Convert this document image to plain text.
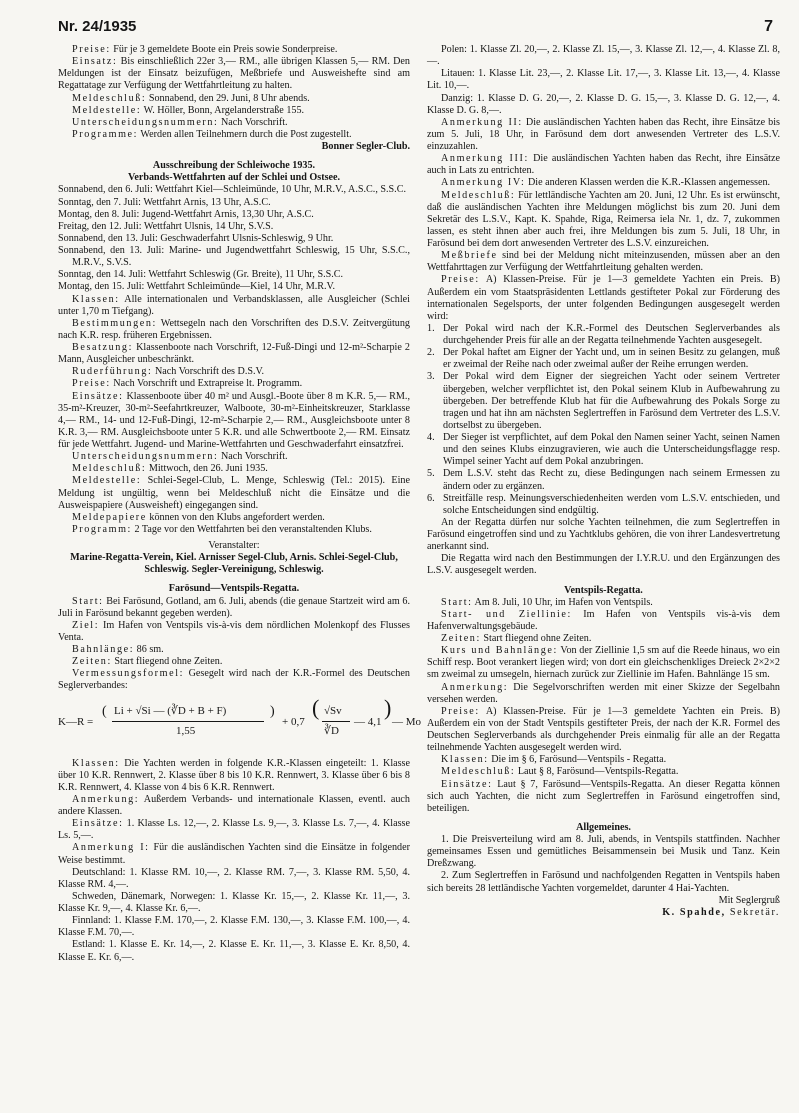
Nr. 24/1935	7

Preise: Für je 3 gemeldete Boote ein Preis sowie Sonderpreise.

Einsatz: Bis einschließlich 22er 3,— RM., alle übrigen Klassen 5,— RM. Den Meldungen ist der Einsatz beizufügen, Meßbriefe und Ausweishefte sind am Regattatage zur Verfügung der Wettfahrtleitung zu halten.

Meldeschluß: Sonnabend, den 29. Juni, 8 Uhr abends.

Meldestelle: W. Höller, Bonn, Argelanderstraße 155.

Unterscheidungsnummern: Nach Vorschrift.

Programme: Werden allen Teilnehmern durch die Post zugestellt.

Bonner Segler-Club.

Ausschreibung der Schleiwoche 1935.

Verbands-Wettfahrten auf der Schlei und Ostsee.

Sonnabend, den 6. Juli: Wettfahrt Kiel—Schleimünde, 10 Uhr, M.R.V., A.S.C., S.S.C.

Sonntag, den 7. Juli: Wettfahrt Arnis, 13 Uhr, A.S.C.

Montag, den 8. Juli: Jugend-Wettfahrt Arnis, 13,30 Uhr, A.S.C.

Freitag, den 12. Juli: Wettfahrt Ulsnis, 14 Uhr, S.V.S.

Sonnabend, den 13. Juli: Geschwaderfahrt Ulsnis-Schleswig, 9 Uhr.

Sonnabend, den 13. Juli: Marine- und Jugendwettfahrt Schleswig, 15 Uhr, S.S.C., M.R.V., S.V.S.

Sonntag, den 14. Juli: Wettfahrt Schleswig (Gr. Breite), 11 Uhr, S.S.C.

Montag, den 15. Juli: Wettfahrt Schleimünde—Kiel, 14 Uhr, M.R.V.

Klassen: Alle internationalen und Verbandsklassen, alle Ausgleicher (Schlei unter 1,70 m Tiefgang).

Bestimmungen: Wettsegeln nach den Vorschriften des D.S.V. Zeitvergütung nach K.R. resp. früheren Ergebnissen.

Besatzung: Klassenboote nach Vorschrift, 12-Fuß-Dingi und 12-m²-Scharpie 2 Mann, Ausgleicher unbeschränkt.

Ruderführung: Nach Vorschrift des D.S.V.

Preise: Nach Vorschrift und Extrapreise lt. Programm.

Einsätze: Klassenboote über 40 m² und Ausgl.-Boote über 8 m K.R. 5,— RM., 35-m²-Kreuzer, 30-m²-Seefahrtkreuzer, Walboote, 30-m²-Einheitskreuzer, Starklasse 4,— RM., 14- und 12-Fuß-Dingi, 12-m²-Scharpie 2,— RM., Ausgleichsboote unter 8 K.R. 3,— RM. Ausgleichsboote unter 5 K.R. und alle Schwertboote 2,— RM. Einsatz für jede Wettfahrt. Jugend- und Marine-Wettfahrten und Geschwaderfahrt einsatzfrei.

Unterscheidungsnummern: Nach Vorschrift.

Meldeschluß: Mittwoch, den 26. Juni 1935.

Meldestelle: Schlei-Segel-Club, L. Menge, Schleswig (Tel.: 2015). Eine Meldung ist ungültig, wenn bei Meldeschluß nicht die Einsätze und die Ausweispapiere (Ausweisheft) eingegangen sind.

Meldepapiere können von den Klubs angefordert werden.

Programm: 2 Tage vor den Wettfahrten bei den veranstaltenden Klubs.

Veranstalter:

Marine-Regatta-Verein, Kiel. Arnisser Segel-Club, Arnis. Schlei-Segel-Club, Schleswig. Segler-Vereinigung, Schleswig.

Farösund—Ventspils-Regatta.

Start: Bei Farösund, Gotland, am 6. Juli, abends (die genaue Startzeit wird am 6. Juli in Farösund bekannt gegeben werden).

Ziel: Im Hafen von Ventspils vis-à-vis dem nördlichen Molenkopf des Flusses Venta.

Bahnlänge: 86 sm.

Zeiten: Start fliegend ohne Zeiten.

Vermessungsformel: Gesegelt wird nach der K.R.-Formel des Deutschen Seglerverbandes:

K—R =
( Li + √Si — (∛D + B + F)
1,55
)
+ 0,7
( √Sv
∛D
— 4,1
)
— Mo

Klassen: Die Yachten werden in folgende K.R.-Klassen eingeteilt: 1. Klasse über 10 K.R. Rennwert, 2. Klasse über 8 bis 10 K.R. Rennwert, 3. Klasse über 6 bis 8 K.R. Rennwert, 4. Klasse von 4 bis 6 K.R. Rennwert.

Anmerkung: Außerdem Verbands- und internationale Klassen, eventl. auch andere Klassen.

Einsätze: 1. Klasse Ls. 12,—, 2. Klasse Ls. 9,—, 3. Klasse Ls. 7,—, 4. Klasse Ls. 5,—.

Anmerkung I: Für die ausländischen Yachten sind die Einsätze in folgender Weise bestimmt.

Deutschland: 1. Klasse RM. 10,—, 2. Klasse RM. 7,—, 3. Klasse RM. 5,50, 4. Klasse RM. 4,—.

Schweden, Dänemark, Norwegen: 1. Klasse Kr. 15,—, 2. Klasse Kr. 11,—, 3. Klasse Kr. 9,—, 4. Klasse Kr. 6,—.

Finnland: 1. Klasse F.M. 170,—, 2. Klasse F.M. 130,—, 3. Klasse F.M. 100,—, 4. Klasse F.M. 70,—.

Estland: 1. Klasse E. Kr. 14,—, 2. Klasse E. Kr. 11,—, 3. Klasse E. Kr. 8,50, 4. Klasse E. Kr. 6,—.

Polen: 1. Klasse Zl. 20,—, 2. Klasse Zl. 15,—, 3. Klasse Zl. 12,—, 4. Klasse Zl. 8,—.

Litauen: 1. Klasse Lit. 23,—, 2. Klasse Lit. 17,—, 3. Klasse Lit. 13,—, 4. Klasse Lit. 10,—.

Danzig: 1. Klasse D. G. 20,—, 2. Klasse D. G. 15,—, 3. Klasse D. G. 12,—, 4. Klasse D. G. 8,—.

Anmerkung II: Die ausländischen Yachten haben das Recht, ihre Einsätze bis zum 5. Juli, 18 Uhr, in Farösund dem dort anwesenden Vertreter des L.S.V. einzuzahlen.

Anmerkung III: Die ausländischen Yachten haben das Recht, ihre Einsätze auch in Lats zu entrichten.

Anmerkung IV: Die anderen Klassen werden die K.R.-Klassen angemessen.

Meldeschluß: Für lettländische Yachten am 20. Juni, 12 Uhr. Es ist erwünscht, daß die ausländischen Yachten ihre Meldungen möglichst bis zum 20. Juni dem Sekretär des L.S.V., Kapt. K. Spahde, Riga, Reimersa iela Nr. 1, dz. 7, zukommen lassen, es steht ihnen aber auch frei, ihre Meldungen bis zum 5. Juli, 18 Uhr, in Farösund bei dem dort anwesenden Vertreter des L.S.V. einzureichen.

Meßbriefe sind bei der Meldung nicht miteinzusenden, müssen aber an den Wettfahrttagen zur Verfügung der Wettfahrtleitung gehalten werden.

Preise: A) Klassen-Preise. Für je 1—3 gemeldete Yachten ein Preis. B) Außerdem ein vom Staatspräsidenten Lettlands gestifteter Pokal zur Förderung des internationalen Segelsports, der unter folgenden Bedingungen ausgesegelt werden wird:

1. Der Pokal wird nach der K.R.-Formel des Deutschen Seglerverbandes als durchgehender Preis für alle an der Regatta teilnehmende Yachten ausgesegelt.
2. Der Pokal haftet am Eigner der Yacht und, um in seinen Besitz zu gelangen, muß er zweimal der Reihe nach oder zweimal außer der Reihe errungen werden.
3. Der Pokal wird dem Eigner der siegreichen Yacht oder seinem Vertreter übergeben, welcher verpflichtet ist, den Pokal seinem Klub in Aufbewahrung zu übergeben. Der betreffende Klub hat für die Aufbewahrung des Pokals Sorge zu tragen und hat ihn am nächsten Seglertreffen in Farösund dem Vertreter des L.S.V. dortselbst zu übergeben.
4. Der Sieger ist verpflichtet, auf dem Pokal den Namen seiner Yacht, seinen Namen und den seines Klubs einzugravieren, wie auch die Unterscheidungsflagge resp. Wimpel seiner Yacht auf dem Pokal anzubringen.
5. Dem L.S.V. steht das Recht zu, diese Bedingungen nach seinem Ermessen zu ändern oder zu ergänzen.
6. Streitfälle resp. Meinungsverschiedenheiten werden vom L.S.V. entschieden, und solche Entscheidungen sind endgültig.

An der Regatta dürfen nur solche Yachten teilnehmen, die zum Seglertreffen in Farösund eingetroffen sind und zu Yachtklubs gehören, die von ihrer Landesvertretung anerkannt sind.

Die Regatta wird nach den Bestimmungen der I.Y.R.U. und den Ergänzungen des L.S.V. ausgesegelt werden.

Ventspils-Regatta.

Start: Am 8. Juli, 10 Uhr, im Hafen von Ventspils.

Start- und Ziellinie: Im Hafen von Ventspils vis-à-vis dem Hafenverwaltungsgebäude.

Zeiten: Start fliegend ohne Zeiten.

Kurs und Bahnlänge: Von der Ziellinie 1,5 sm auf die Reede hinaus, wo ein Schiff resp. Boot verankert liegen wird; von dort ein gleichschenkliges Dreieck 2×2×2 sm zweimal zu umsegeln, hiernach zurück zur Ziellinie im Hafen. Bahnlänge 15 sm.

Anmerkung: Die Segelvorschriften werden mit einer Skizze der Segelbahn versehen werden.

Preise: A) Klassen-Preise. Für je 1—3 gemeldete Yachten ein Preis. B) Außerdem ein von der Stadt Ventspils gestifteter Preis, der nach der K.R. Formel des Deutschen Seglerverbands als durchgehender Preis einmalig für alle an der Regatta teilnehmende Yachten ausgesegelt werden wird.

Klassen: Die im § 6, Farösund—Ventspils - Regatta.

Meldeschluß: Laut § 8, Farösund—Ventspils-Regatta.

Einsätze: Laut § 7, Farösund—Ventspils-Regatta. An dieser Regatta können sich auch Yachten, die nicht zum Seglertreffen in Farösund eingetroffen sind, beteiligen.

Allgemeines.

1. Die Preisverteilung wird am 8. Juli, abends, in Ventspils stattfinden. Nachher gemeinsames Essen und gemütliches Beisammensein bei Musik und Tanz. Kein Dreßzwang.

2. Zum Seglertreffen in Farösund und nachfolgenden Regatten in Ventspils haben sich bereits 28 lettländische Yachten vorgemeldet, darunter 4 Hai-Yachten.

Mit Seglergruß

K. Spahde, Sekretär.
